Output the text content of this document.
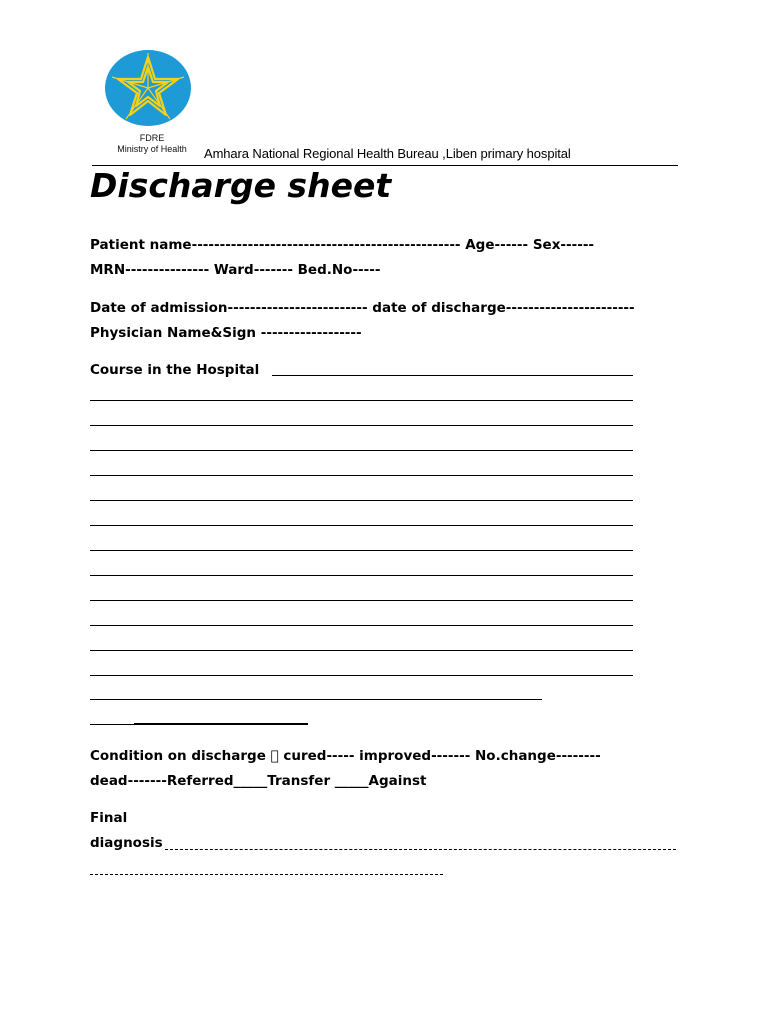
FDRE
Ministry of Health	Amhara National Regional Health Bureau ,Liben primary hospital
Discharge sheet
Patient name------------------------------------------------ Age------ Sex------
MRN--------------- Ward------- Bed.No-----
Date of admission------------------------- date of discharge-----------------------
Physician Name&Sign ------------------
Course in the Hospital
Condition on discharge   cured----- improved------- No.change--------
dead-------Referred_____Transfer _____Against
Final
diagnosis
